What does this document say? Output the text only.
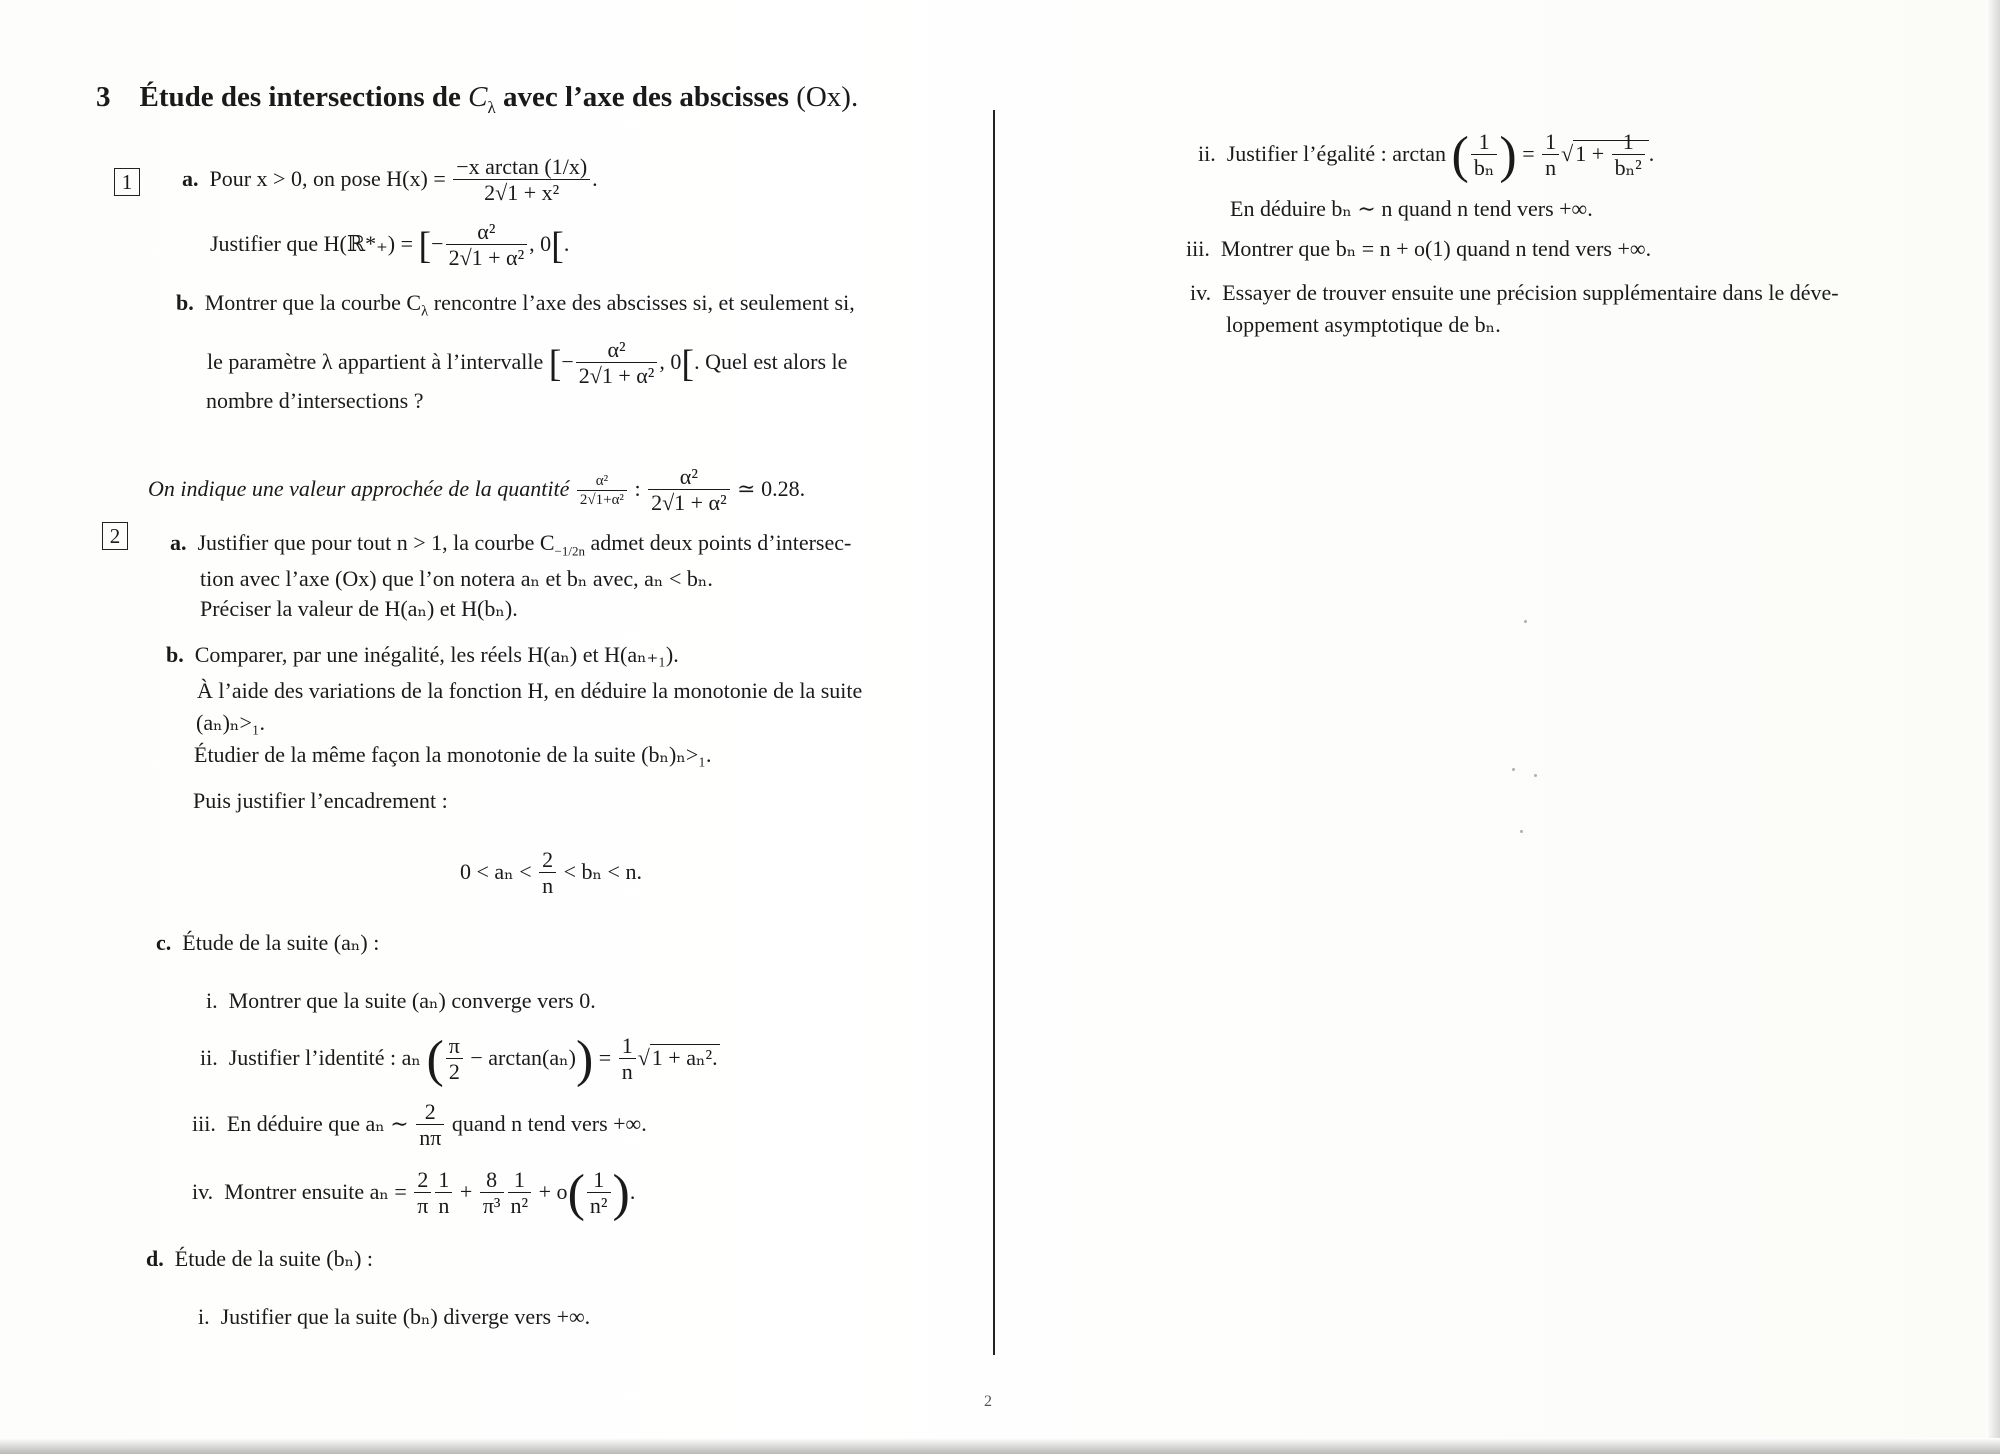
3 Étude des intersections de $C_\lambda$ avec l’axe des abscisses (Ox).
1	a. Pour x > 0, on pose $H(x) = \frac{\text{−x arctan (1/x)}}{\text{2√1 + x²}}$ .
Justifier que H(ℝ*₊) = [− $\frac{\text{α²}}{\text{2√1 + α²}}$ , 0[.
b. Montrer que la courbe $C_\lambda$ rencontre l’axe des abscisses si, et seulement si,
le paramètre λ appartient à l’intervalle [− $\frac{\text{α²}}{\text{2√1 + α²}}$ , 0[. Quel est alors le
nombre d’intersections ?
On indique une valeur approchée de la quantité $\frac{\text{α²}}{\text{2√1+α²}}$ : $\frac{\text{α²}}{\text{2√1 + α²}}$ ≃ 0.28.
2	a. Justifier que pour tout n > 1, la courbe $C_{-1/2n}$ admet deux points d’intersec-
tion avec l’axe (Ox) que l’on notera aₙ et bₙ avec, aₙ < bₙ.
Préciser la valeur de H(aₙ) et H(bₙ).
b. Comparer, par une inégalité, les réels H(aₙ) et H(aₙ₊₁).
À l’aide des variations de la fonction H, en déduire la monotonie de la suite
(aₙ)ₙ>₁.
Étudier de la même façon la monotonie de la suite (bₙ)ₙ>₁.
Puis justifier l’encadrement :
$0 < a_n < \frac{2}{n} < b_n < n$.
c. Étude de la suite (aₙ) :
i. Montrer que la suite (aₙ) converge vers 0.
ii. Justifier l’identité : aₙ ( $\frac{\pi}{2} - \arctan(a_n)) = \frac{1}{n} √1 + a_n^2$.
iii. En déduire que aₙ ∼ $\frac{2}{n\pi}$ quand n tend vers +∞.
iv. Montrer ensuite $a_n = \frac{2}{\pi} \frac{1}{n} + \frac{8}{\text{π³}} \frac{1}{\text{n²}} + o( \frac{1}{\text{n²}}$ ).
d. Étude de la suite (bₙ) :
i. Justifier que la suite (bₙ) diverge vers +∞.
ii. Justifier l’égalité : arctan ( $\frac{1}{\text{bₙ}}$ ) = $\frac{1}{n} √1 + \frac{1}{\text{bₙ²}}$ .
En déduire bₙ ∼ n quand n tend vers +∞.
iii. Montrer que bₙ = n + o(1) quand n tend vers +∞.
iv. Essayer de trouver ensuite une précision supplémentaire dans le déve-
loppement asymptotique de bₙ.
2
